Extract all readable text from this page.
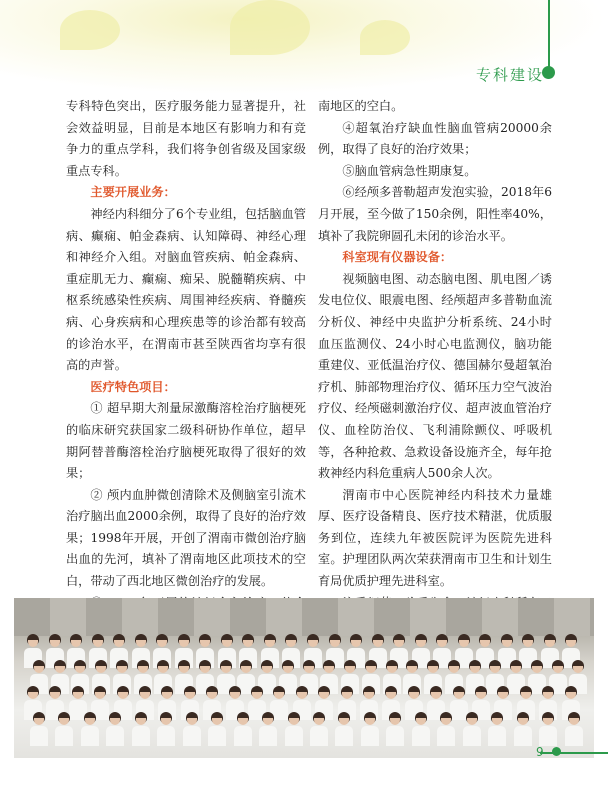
专科建设

专科特色突出，医疗服务能力显著提升，社会效益明显，目前是本地区有影响力和有竞争力的重点学科，我们将争创省级及国家级重点专科。

主要开展业务：

神经内科细分了6个专业组，包括脑血管病、癫痫、帕金森病、认知障碍、神经心理和神经介入组。对脑血管疾病、帕金森病、重症肌无力、癫痫、痴呆、脱髓鞘疾病、中枢系统感染性疾病、周围神经疾病、脊髓疾病、心身疾病和心理疾患等的诊治都有较高的诊治水平，在渭南市甚至陕西省均享有很高的声誉。

医疗特色项目：

① 超早期大剂量尿激酶溶栓治疗脑梗死的临床研究获国家二级科研协作单位，超早期阿替普酶溶栓治疗脑梗死取得了很好的效果；

② 颅内血肿微创清除术及侧脑室引流术治疗脑出血2000余例，取得了良好的治疗效果；1998年开展，开创了渭南市微创治疗脑出血的先河，填补了渭南地区此项技术的空白，带动了西北地区微创治疗的发展。

南地区的空白。

④超氧治疗缺血性脑血管病20000余例，取得了良好的治疗效果；

⑤脑血管病急性期康复。

⑥经颅多普勒超声发泡实验，2018年6月开展，至今做了150余例，阳性率40%，填补了我院卵圆孔未闭的诊治水平。

科室现有仪器设备：

视频脑电图、动态脑电图、肌电图／诱发电位仪、眼震电图、经颅超声多普勒血流分析仪、神经中央监护分析系统、24小时血压监测仪、24小时心电监测仪，脑功能重建仪、亚低温治疗仪、德国赫尔曼超氧治疗机、肺部物理治疗仪、循环压力空气波治疗仪、经颅磁刺激治疗仪、超声波血管治疗仪、血栓防治仪、飞利浦除颤仪、呼吸机等，各种抢救、急救设备设施齐全，每年抢救神经内科危重病人500余人次。

渭南市中心医院神经内科技术力量雄厚、医疗设备精良、医疗技术精湛，优质服务到位，连续九年被医院评为医院先进科室。护理团队两次荣获渭南市卫生和计划生育局优质护理先进科室。

9
